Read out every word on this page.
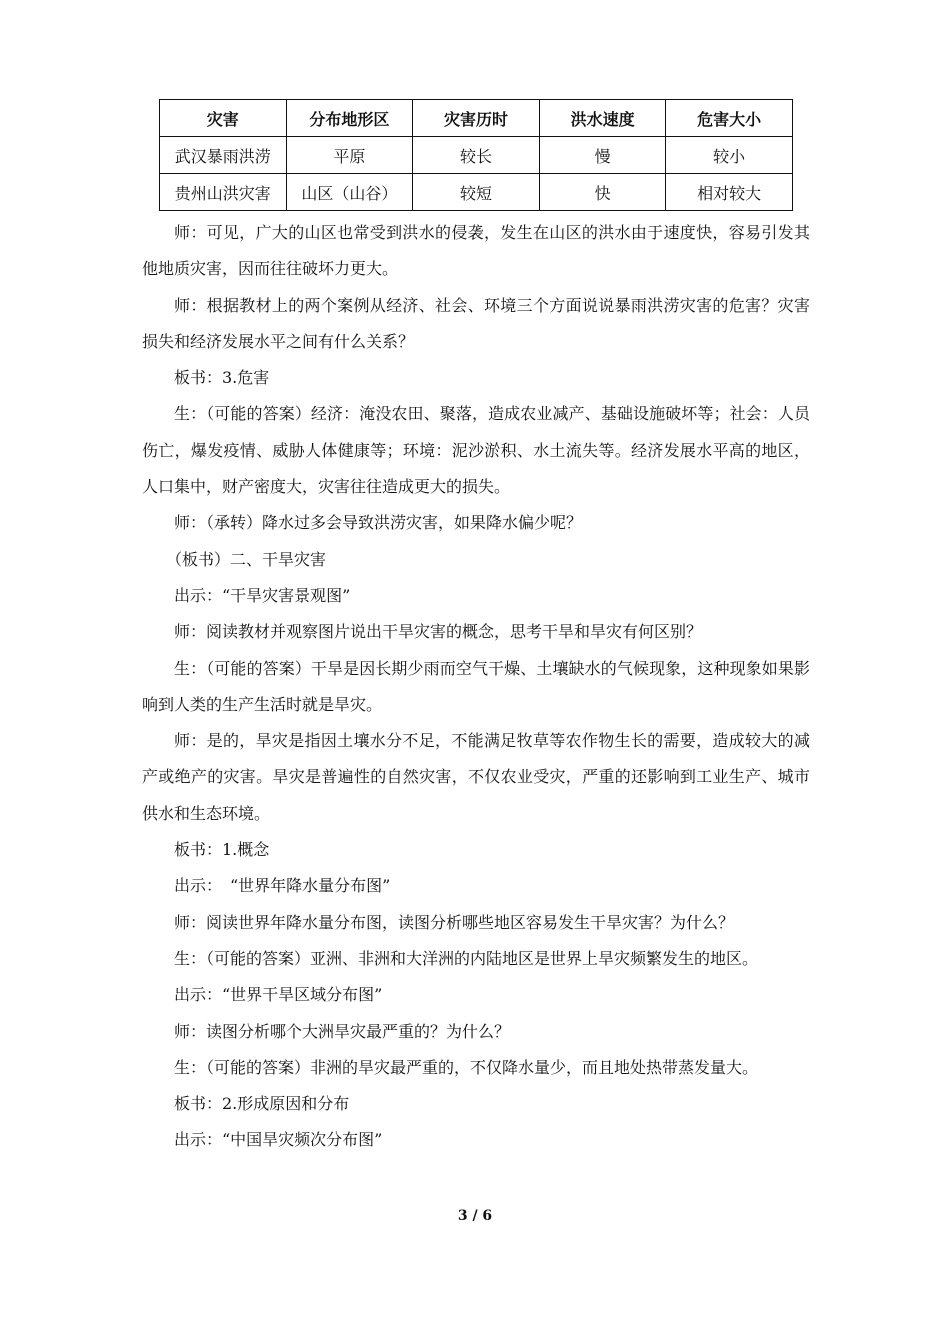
灾害	分布地形区	灾害历时	洪水速度	危害大小
武汉暴雨洪涝	平原	较长	慢	较小
贵州山洪灾害	山区（山谷）	较短	快	相对较大

师：可见，广大的山区也常受到洪水的侵袭，发生在山区的洪水由于速度快，容易引发其他地质灾害，因而往往破坏力更大。

师：根据教材上的两个案例从经济、社会、环境三个方面说说暴雨洪涝灾害的危害？灾害损失和经济发展水平之间有什么关系？

板书：3.危害

生：（可能的答案）经济：淹没农田、聚落，造成农业减产、基础设施破坏等；社会：人员伤亡，爆发疫情、威胁人体健康等；环境：泥沙淤积、水土流失等。经济发展水平高的地区，人口集中，财产密度大，灾害往往造成更大的损失。

师：（承转）降水过多会导致洪涝灾害，如果降水偏少呢？

（板书）二、干旱灾害

出示：“干旱灾害景观图”

师：阅读教材并观察图片说出干旱灾害的概念，思考干旱和旱灾有何区别？

生：（可能的答案）干旱是因长期少雨而空气干燥、土壤缺水的气候现象，这种现象如果影响到人类的生产生活时就是旱灾。

师：是的，旱灾是指因土壤水分不足，不能满足牧草等农作物生长的需要，造成较大的减产或绝产的灾害。旱灾是普遍性的自然灾害，不仅农业受灾，严重的还影响到工业生产、城市供水和生态环境。

板书：1.概念

出示：　“世界年降水量分布图”

师：阅读世界年降水量分布图，读图分析哪些地区容易发生干旱灾害？为什么？

生：（可能的答案）亚洲、非洲和大洋洲的内陆地区是世界上旱灾频繁发生的地区。

出示：“世界干旱区域分布图”

师：读图分析哪个大洲旱灾最严重的？为什么？

生：（可能的答案）非洲的旱灾最严重的，不仅降水量少，而且地处热带蒸发量大。

板书：2.形成原因和分布

出示：“中国旱灾频次分布图”

3 / 6
